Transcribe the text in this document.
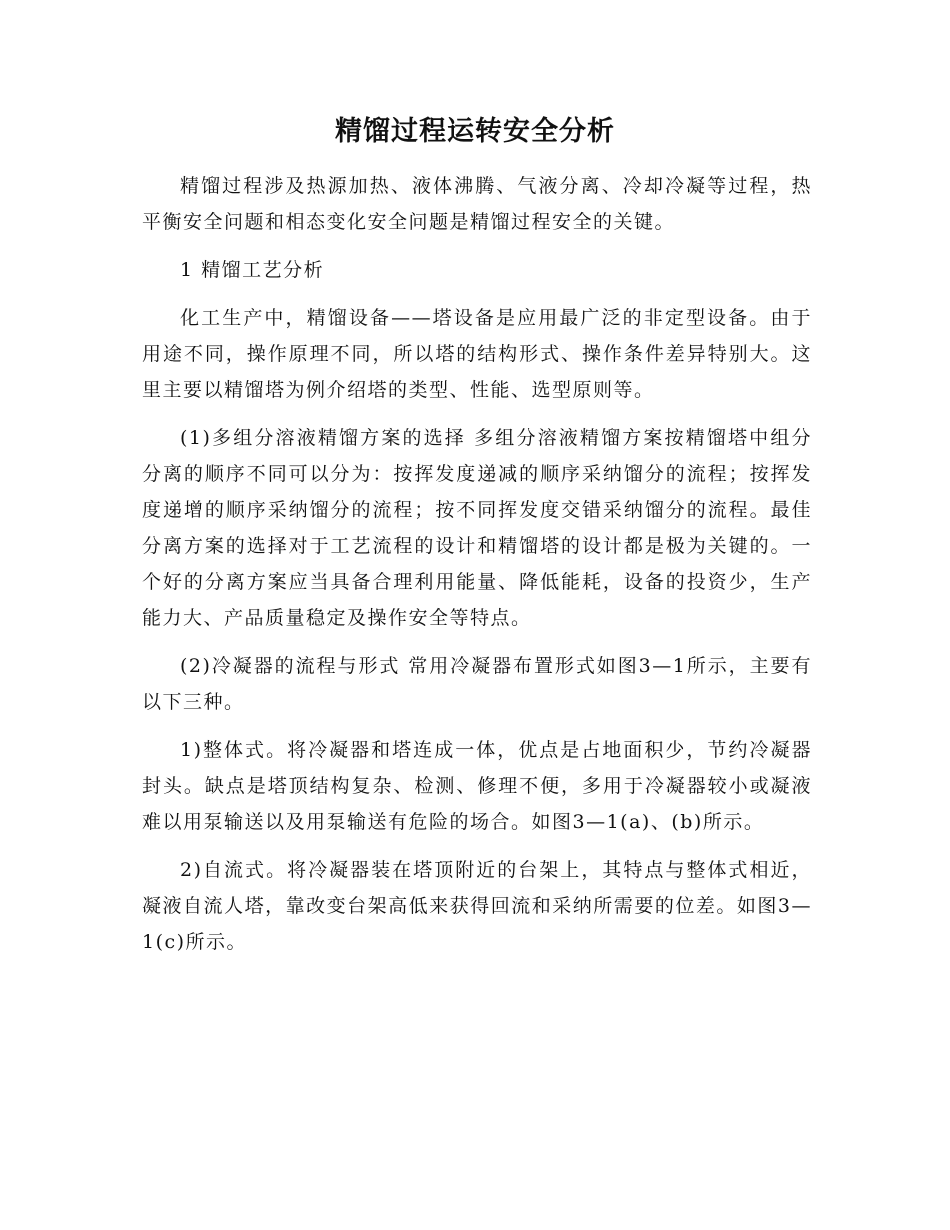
精馏过程运转安全分析

精馏过程涉及热源加热、液体沸腾、气液分离、冷却冷凝等过程，热平衡安全问题和相态变化安全问题是精馏过程安全的关键。

1 精馏工艺分析

化工生产中，精馏设备——塔设备是应用最广泛的非定型设备。由于用途不同，操作原理不同，所以塔的结构形式、操作条件差异特别大。这里主要以精馏塔为例介绍塔的类型、性能、选型原则等。

(1)多组分溶液精馏方案的选择 多组分溶液精馏方案按精馏塔中组分分离的顺序不同可以分为：按挥发度递减的顺序采纳馏分的流程；按挥发度递增的顺序采纳馏分的流程；按不同挥发度交错采纳馏分的流程。最佳分离方案的选择对于工艺流程的设计和精馏塔的设计都是极为关键的。一个好的分离方案应当具备合理利用能量、降低能耗，设备的投资少，生产能力大、产品质量稳定及操作安全等特点。

(2)冷凝器的流程与形式 常用冷凝器布置形式如图3—1所示，主要有以下三种。

1)整体式。将冷凝器和塔连成一体，优点是占地面积少，节约冷凝器封头。缺点是塔顶结构复杂、检测、修理不便，多用于冷凝器较小或凝液难以用泵输送以及用泵输送有危险的场合。如图3—1(a)、(b)所示。

2)自流式。将冷凝器装在塔顶附近的台架上，其特点与整体式相近，凝液自流人塔，靠改变台架高低来获得回流和采纳所需要的位差。如图3—1(c)所示。
